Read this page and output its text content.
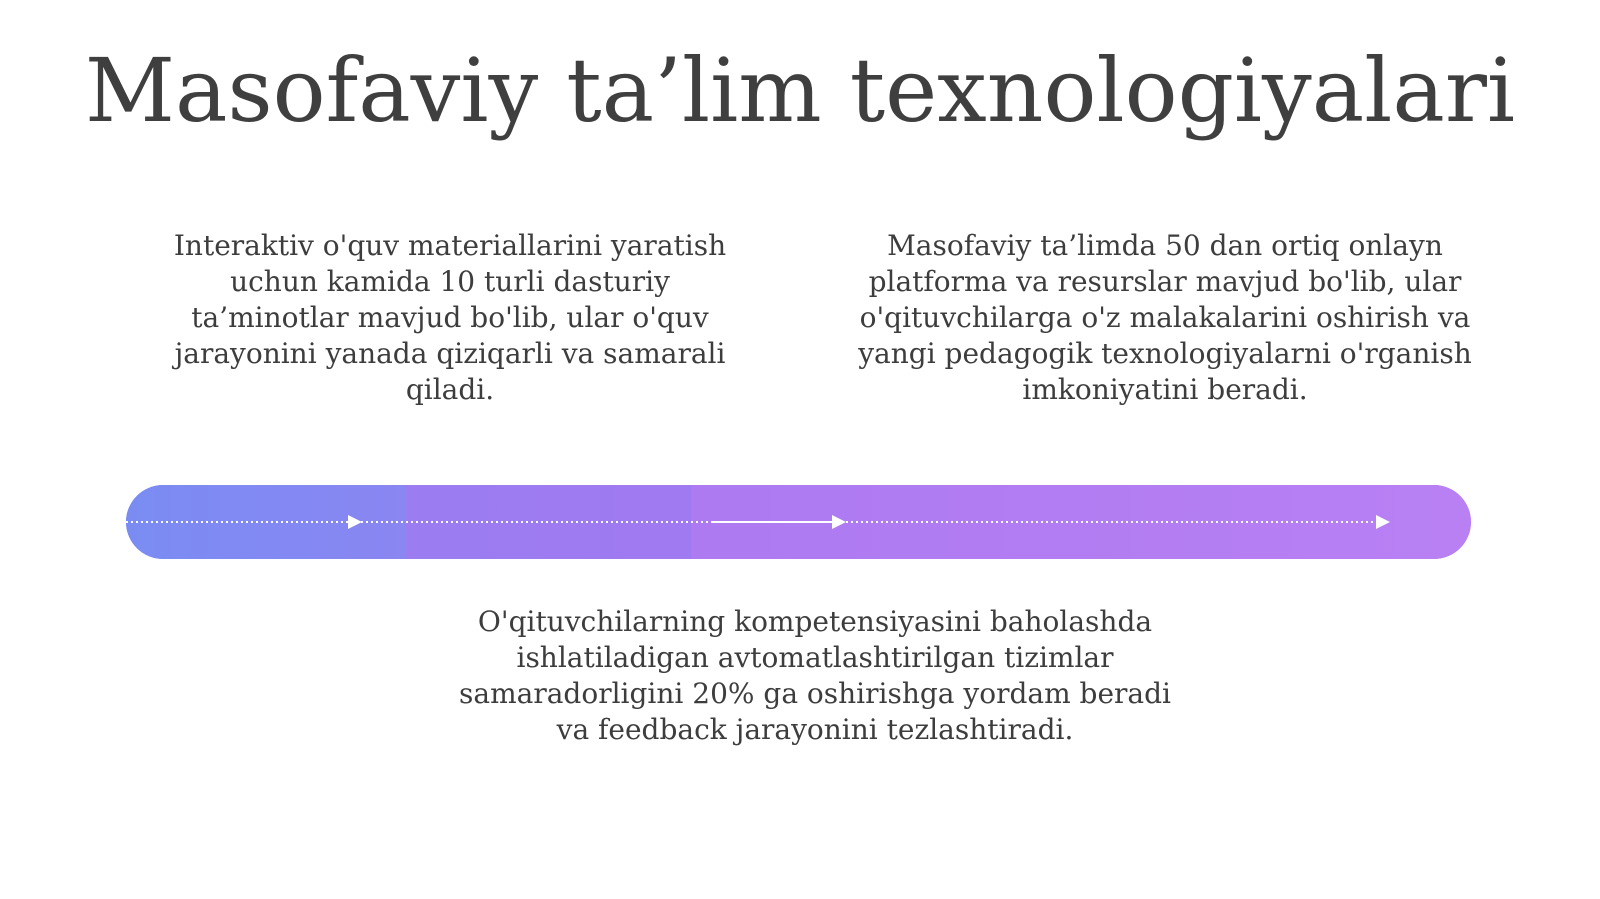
Masofaviy ta’lim texnologiyalari
Interaktiv o'quv materiallarini yaratish
uchun kamida 10 turli dasturiy
ta’minotlar mavjud bo'lib, ular o'quv
jarayonini yanada qiziqarli va samarali
qiladi.
Masofaviy ta’limda 50 dan ortiq onlayn
platforma va resurslar mavjud bo'lib, ular
o'qituvchilarga o'z malakalarini oshirish va
yangi pedagogik texnologiyalarni o'rganish
imkoniyatini beradi.
O'qituvchilarning kompetensiyasini baholashda
ishlatiladigan avtomatlashtirilgan tizimlar
samaradorligini 20% ga oshirishga yordam beradi
va feedback jarayonini tezlashtiradi.
